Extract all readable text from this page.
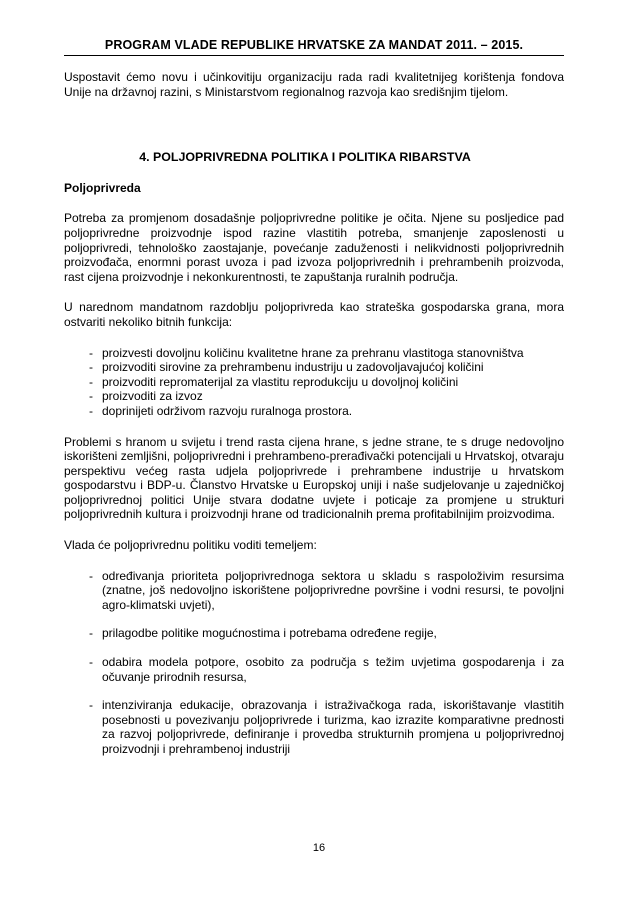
PROGRAM VLADE REPUBLIKE HRVATSKE ZA MANDAT 2011. – 2015.

Uspostavit ćemo novu i učinkovitiju organizaciju rada radi kvalitetnijeg korištenja fondova Unije na državnoj razini, s Ministarstvom regionalnog razvoja kao središnjim tijelom.

4. POLJOPRIVREDNA POLITIKA I POLITIKA RIBARSTVA
Poljoprivreda

Potreba za promjenom dosadašnje poljoprivredne politike je očita. Njene su posljedice pad poljoprivredne proizvodnje ispod razine vlastitih potreba, smanjenje zaposlenosti u poljoprivredi, tehnološko zaostajanje, povećanje zaduženosti i nelikvidnosti poljoprivrednih proizvođača, enormni porast uvoza i pad izvoza poljoprivrednih i prehrambenih proizvoda, rast cijena proizvodnje i nekonkurentnosti, te zapuštanja ruralnih područja.

U narednom mandatnom razdoblju poljoprivreda kao strateška gospodarska grana, mora ostvariti nekoliko bitnih funkcija:

- proizvesti dovoljnu količinu kvalitetne hrane za prehranu vlastitoga stanovništva
- proizvoditi sirovine za prehrambenu industriju u zadovoljavajućoj količini
- proizvoditi repromaterijal za vlastitu reprodukciju u dovoljnoj količini
- proizvoditi za izvoz
- doprinijeti održivom razvoju ruralnoga prostora.

Problemi s hranom u svijetu i trend rasta cijena hrane, s jedne strane, te s druge nedovoljno iskorišteni zemljišni, poljoprivredni i prehrambeno-prerađivački potencijali u Hrvatskoj, otvaraju perspektivu većeg rasta udjela poljoprivrede i prehrambene industrije u hrvatskom gospodarstvu i BDP-u. Članstvo Hrvatske u Europskoj uniji i naše sudjelovanje u zajedničkoj poljoprivrednoj politici Unije stvara dodatne uvjete i poticaje za promjene u strukturi poljoprivrednih kultura i proizvodnji hrane od tradicionalnih prema profitabilnijim proizvodima.

Vlada će poljoprivrednu politiku voditi temeljem:

- određivanja prioriteta poljoprivrednoga sektora u skladu s raspoloživim resursima (znatne, još nedovoljno iskorištene poljoprivredne površine i vodni resursi, te povoljni agro-klimatski uvjeti),
- prilagodbe politike mogućnostima i potrebama određene regije,
- odabira modela potpore, osobito za područja s težim uvjetima gospodarenja i za očuvanje prirodnih resursa,
- intenziviranja edukacije, obrazovanja i istraživačkoga rada, iskorištavanje vlastitih posebnosti u povezivanju poljoprivrede i turizma, kao izrazite komparativne prednosti za razvoj poljoprivrede, definiranje i provedba strukturnih promjena u poljoprivrednoj proizvodnji i prehrambenoj industriji
16
